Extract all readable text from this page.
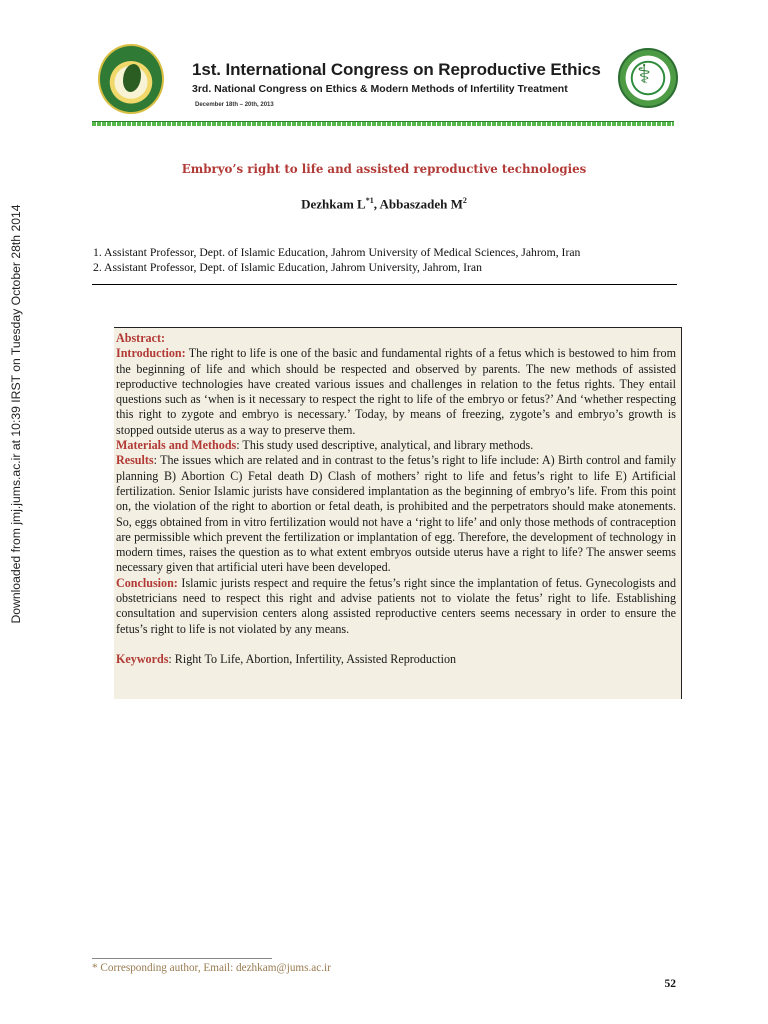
Downloaded from jmj.jums.ac.ir at 10:39 IRST on Tuesday October 28th 2014
1st. International Congress on Reproductive Ethics
3rd. National Congress on Ethics & Modern Methods of Infertility Treatment
December 18th – 20th, 2013
⚕
Embryo’s right to life and assisted reproductive technologies
Dezhkam $L^{*1}$, Abbaszadeh $M^2$
1. Assistant Professor, Dept. of Islamic Education, Jahrom University of Medical Sciences, Jahrom, Iran
2. Assistant Professor, Dept. of Islamic Education, Jahrom University, Jahrom, Iran

Abstract:

Introduction: The right to life is one of the basic and fundamental rights of a fetus which is bestowed to him from the beginning of life and which should be respected and observed by parents. The new methods of assisted reproductive technologies have created various issues and challenges in relation to the fetus rights. They entail questions such as ‘when is it necessary to respect the right to life of the embryo or fetus?’ And ‘whether respecting this right to zygote and embryo is necessary.’ Today, by means of freezing, zygote’s and embryo’s growth is stopped outside uterus as a way to preserve them.

Materials and Methods: This study used descriptive, analytical, and library methods.

Results: The issues which are related and in contrast to the fetus’s right to life include: A) Birth control and family planning B) Abortion C) Fetal death D) Clash of mothers’ right to life and fetus’s right to life E) Artificial fertilization. Senior Islamic jurists have considered implantation as the beginning of embryo’s life. From this point on, the violation of the right to abortion or fetal death, is prohibited and the perpetrators should make atonements. So, eggs obtained from in vitro fertilization would not have a ‘right to life’ and only those methods of contraception are permissible which prevent the fertilization or implantation of egg. Therefore, the development of technology in modern times, raises the question as to what extent embryos outside uterus have a right to life? The answer seems necessary given that artificial uteri have been developed.

Conclusion: Islamic jurists respect and require the fetus’s right since the implantation of fetus. Gynecologists and obstetricians need to respect this right and advise patients not to violate the fetus’ right to life. Establishing consultation and supervision centers along assisted reproductive centers seems necessary in order to ensure the fetus’s right to life is not violated by any means.

Keywords: Right To Life, Abortion, Infertility, Assisted Reproduction

* Corresponding author, Email: dezhkam@jums.ac.ir
52
